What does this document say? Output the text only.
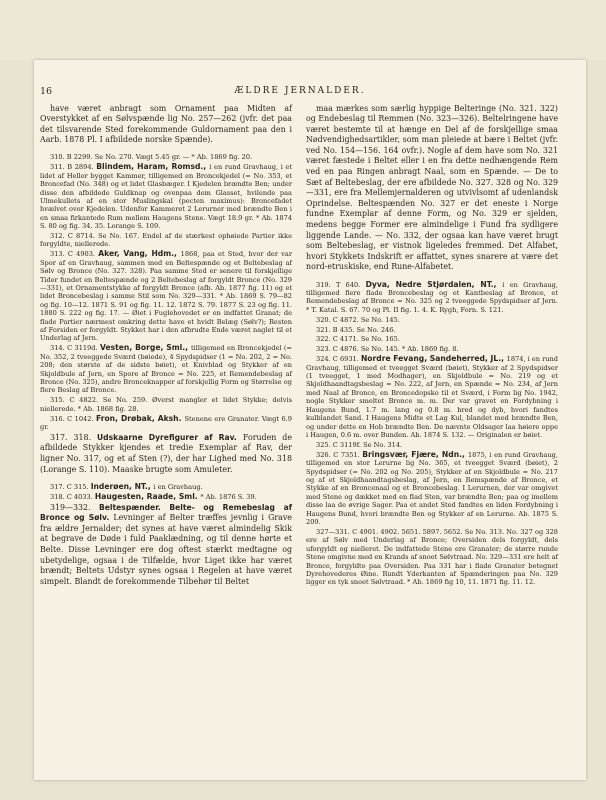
16	ÆLDRE JERNALDER.

have været anbragt som Ornament paa Midten af Overstykket af en Sølvspænde lig No. 257—262 (jvfr. det paa det tilsvarende Sted forekommende Guldornament paa den i Aarb. 1878 Pl. I afbildede norske Spænde).

310. B 2299. Se No. 270. Vægt 5.45 gr. — * Ab. 1869 fig. 20.

311. B 2894. Blindem, Haram, Romsd., i en rund Gravhaug, i et lidet af Heller bygget Kammer, tilligemed en Broncekjedel (= No. 353, et Broncefad (No. 348) og et lidet Glasbæger. I Kjedelen brændte Ben; under disse den afbildede Guldknap og ovenpaa dem Glasset, hvilende paa Ulmekullets af en stor Muslingskal (pecten maximus): Broncefadet hvælvet over Kjedelen. Udenfor Kammeret 2 Lerurner med brændte Ben i en smaa firkantede Rum mellem Haugens Stene. Vægt 18.9 gr. * Ab. 1874 S. 80 og fig. 34. 35. Lorange S. 109.

312. C 8714. Se No. 167. Endel af de stærkest ophøiede Partier ikke forgyldte, niellerede.

313. C 4903. Aker, Vang, Hdm., 1868, paa et Sted, hvor der var Spor af en Gravhaug, sammen med en Beltespænde og et Beltebeslag af Sølv og Bronce (No. 327. 328). Paa samme Sted er senere til forskjellige Tider fundet en Beltespænde og 2 Beltebeslag af forgyldt Bronce (No. 329—331), et Ornamentstykke af forgyldt Bronce (afb. Ab. 1877 fig. 11) og et lidet Broncebeslag i samme Stil som No. 329—331. * Ab. 1869 S. 79—82 og fig. 10—12. 1871 S. 91 og fig. 11. 12. 1872 S. 79. 1877 S. 23 og fig. 11. 1880 S. 222 og fig. 17. — Øiet i Fuglehovedet er en indfattet Granat; de flade Partier nærmest omkring dette have et hvidt Belæg (Sølv?); Resten af Forsiden er forgyldt. Stykket har i den afbrudte Ende været naglet til et Underlag af Jern.

314. C 3119d. Vesten, Borge, Sml., tilligemed en Broncekjedel (= No. 352, 2 tveeggede Sværd (bøiede), 4 Spydspidser (1 = No. 202, 2 = No. 208; den største af de sidste bøiet), et Knivblad og Stykker af en Skjoldbule af Jern, en Spore af Bronce = No. 225, et Remendebeslag af Bronce (No. 325), andre Bronceknapper af forskjellig Form og Størrelse og flere Beslag af Bronce.

315. C 4822. Se No. 259. Øverst mangler et lidet Stykke; delvis niellerede. * Ab. 1868 fig. 28.

316. C 1042. Fron, Drøbak, Aksh. Stenene ere Granater. Vægt 6.9 gr.

317. 318. Udskaarne Dyrefigurer af Rav. Foruden de afbildede Stykker kjendes et tredie Exemplar af Rav, der ligner No. 317, og et af Sten (?), der har Lighed med No. 318 (Lorange S. 110). Maaske brugte som Amuleter.

317. C 315. Inderøen, NT., i en Gravhaug.

318. C 4033. Haugesten, Raade, Sml. * Ab. 1876 S. 39.

319—332. Beltespænder. Belte- og Remebeslag af Bronce og Sølv. Levninger af Belter træffes jevnlig i Grave fra ældre Jernalder; det synes at have været almindelig Skik at begrave de Døde i fuld Paaklædning, og til denne hørte et Belte. Disse Levninger ere dog oftest stærkt medtagne og ubetydelige, ogsaa i de Tilfælde, hvor Liget ikke har været brændt; Beltets Udstyr synes ogsaa i Regelen at have været simpelt. Blandt de forekommende Tilbehør til Beltet

maa mærkes som særlig hyppige Belteringe (No. 321. 322) og Endebeslag til Remmen (No. 323—326). Beltelringene have været bestemte til at hænge en Del af de forskjellige smaa Nødvendighedsartikler, som man pleiede at bære i Beltet (jvfr. ved No. 154—156. 164 ovfr.). Nogle af dem have som No. 321 været fæstede i Beltet eller i en fra dette nedhængende Rem ved en paa Ringen anbragt Naal, som en Spænde. — De to Sæt af Beltebeslag, der ere afbildede No. 327. 328 og No. 329—331, ere fra Mellemjernalderen og utvivlsomt af udenlandsk Oprindelse. Beltespænden No. 327 er det eneste i Norge fundne Exemplar af denne Form, og No. 329 er sjelden, medens begge Former ere almindelige i Fund fra sydligere liggende Lande. — No. 332, der ogsaa kan have været brugt som Beltebeslag, er vistnok ligeledes fremmed. Det Alfabet, hvori Stykkets Indskrift er affattet, synes snarere at være det nord-etruskiske, end Rune-Alfabetet.

319. T 640. Dyva, Nedre Stjørdalen, NT., i en Gravhaug, tilligemed flere flade Broncebeslag og et Kantbeslag af Bronce, et Remendebeslag af Bronce = No. 325 og 2 tveeggede Spydspidser af Jern. * T. Katal. S. 67. 70 og Pl. II fig. 1. 4. K. Rygh, Forn. S. 121.

320. C 4872. Se No. 145.

321. B 435. Se No. 246.

322. C 4171. Se No. 165.

323. C 4876. Se No. 145. * Ab. 1869 fig. 8.

324. C 6931. Nordre Fevang, Sandeherred, JL., 1874, i en rund Gravhaug, tilligemed et tveegget Sværd (bøiet), Stykker af 2 Spydspidser (1 tveegget, 1 med Modhager), en Skjoldbule = No. 219 og et Skjoldhaandtagsbeslag = No. 222, af Jern, en Spænde = No. 234, af Jern med Naal af Bronce, en Broncedopsko til et Sværd, i Form lig No. 1942, nogle Stykker smeltet Bronce m. m. Der var gravet en Fordybning i Haugens Bund, 1.7 m. lang og 0.8 m. bred og dyb, hvori fandtes kulblandet Sand. I Haugens Midte et Lag Kul, blandet med brændte Ben, og under dette en Hob brændte Ben. De nævnte Oldsager laa høiere oppe i Haugen, 0.6 m. over Bunden. Ab. 1874 S. 132. — Originalen er bøiet.

325. C 3119f. Se No. 314.

326. C 7351. Bringsvær, Fjære, Ndn., 1875, i en rund Gravhaug, tilligemed en stor Lerurne lig No. 365, et tveegget Sværd (bøiet), 2 Spydspidser (= No. 202 og No. 205), Stykker af en Skjoldbule = No. 217 og af et Skjoldhaandtagsbeslag, af Jern, en Remspænde af Bronce, et Stykke af en Broncenaal og et Broncebeslag. I Lerurnen, der var omgivet med Stene og dækket med en flad Sten, var brændte Ben; paa og imellem disse laa de øvrige Sager. Paa et andet Sted fandtes en liden Fordybning i Haugens Bund, hvori brændte Ben og Stykker af en Lerurne. Ab. 1875 S. 209.

327—331. C 4901. 4902. 5651. 5897. 5652. Se No. 313. No. 327 og 328 ere af Sølv med Underlag af Bronce; Oversiden dels forgyldt, dels uforgyldt og nielleret. De indfattede Stene ere Granater; de større runde Stene omgivne med en Krands af snoet Sølvtraad. No. 329—331 ere helt af Bronce, forgyldte paa Oversiden. Paa 331 har i flade Granater betegnet Dyrehovederes Øine. Rundt Yderkanten af Spænderingen paa No. 329 ligger en tyk snoet Sølvtraad. * Ab. 1869 fig 10, 11. 1871 fig. 11. 12.
